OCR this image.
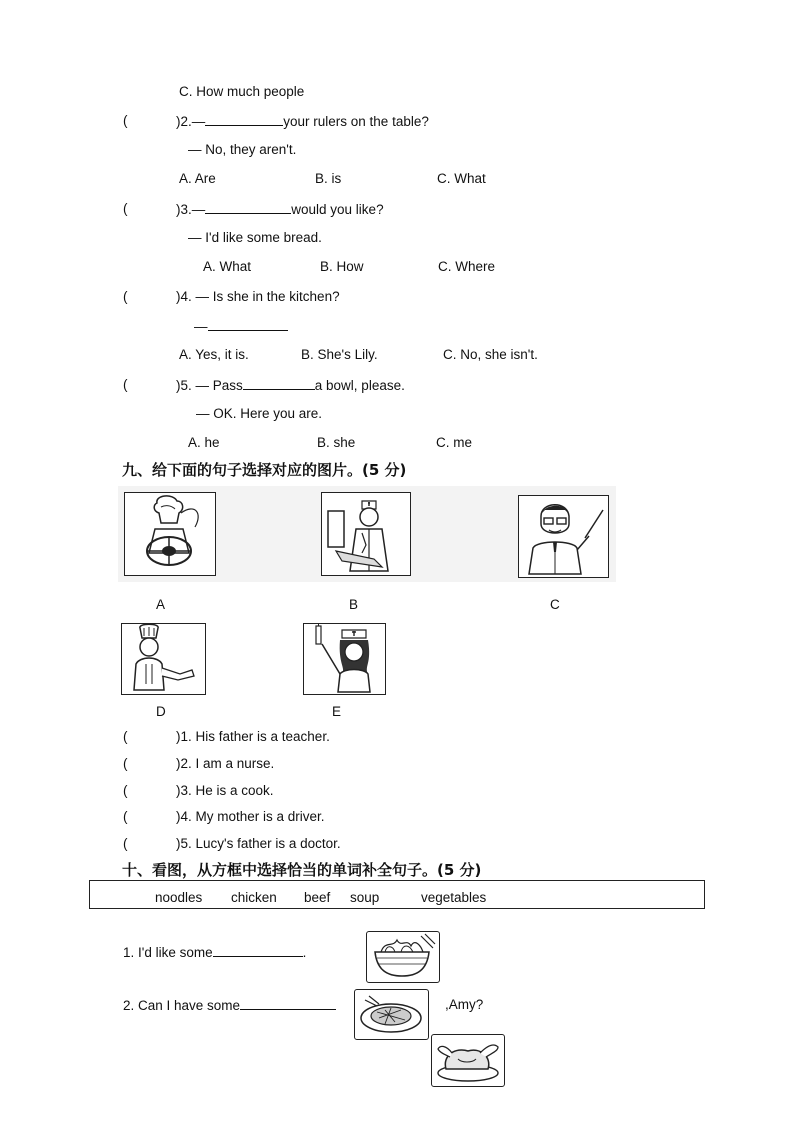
C. How much people
(	)2.—	your rulers on the table?
— No, they aren't.
A. Are	B. is	C. What
(	)3.—	would you like?
— I'd like some bread.
A. What	B. How	C. Where
(	)4. — Is she in the kitchen?
—
A. Yes, it is.	B. She's Lily.	C. No, she isn't.
(	)5. — Pass	a bowl, please.
— OK. Here you are.
A. he	B. she	C. me
九、给下面的句子选择对应的图片。(5 分)
A	B	C
D	E
(	)1. His father is a teacher.
(	)2. I am a nurse.
(	)3. He is a cook.
(	)4. My mother is a driver.
(	)5. Lucy's father is a doctor.
十、看图，从方框中选择恰当的单词补全句子。(5 分)
noodles chicken beef soup	vegetables
1. I'd like some	.
2. Can I have some	,Amy?
